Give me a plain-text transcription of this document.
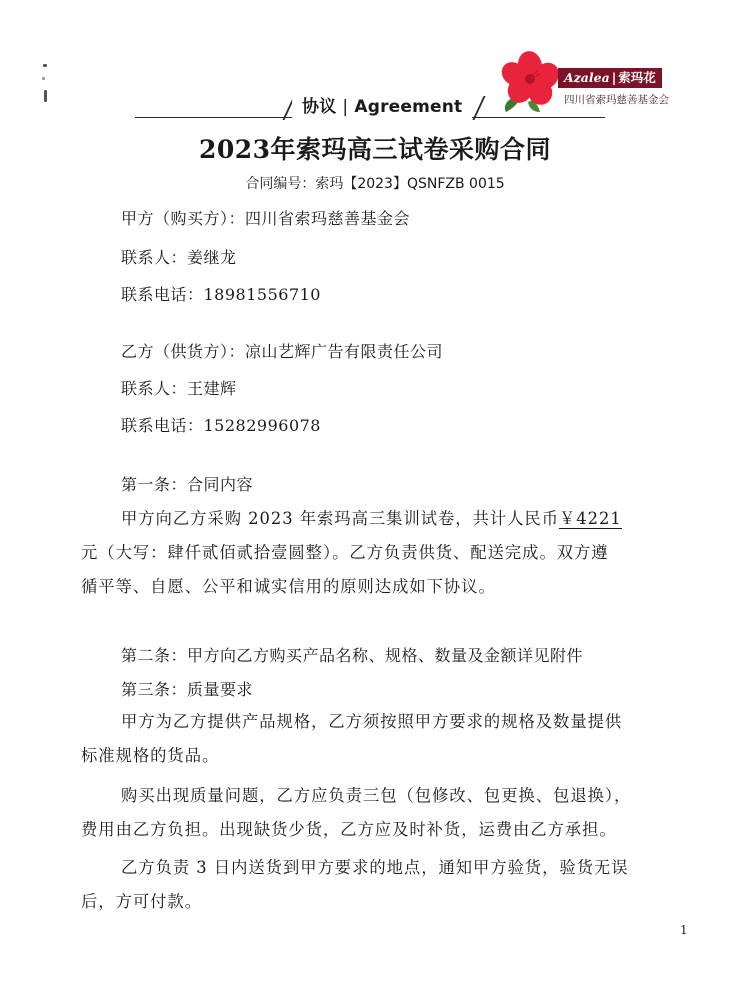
Azalea | 索玛花
四川省索玛慈善基金会
协议 | Agreement
2023年索玛高三试卷采购合同
合同编号：索玛【2023】QSNFZB 0015
甲方（购买方）：四川省索玛慈善基金会
联系人：姜继龙
联系电话：18981556710
乙方（供货方）：凉山艺辉广告有限责任公司
联系人：王建辉
联系电话：15282996078
第一条：合同内容
甲方向乙方采购 2023 年索玛高三集训试卷，共计人民币￥4221
元（大写：肆仟贰佰贰拾壹圆整）。乙方负责供货、配送完成。双方遵
循平等、自愿、公平和诚实信用的原则达成如下协议。
第二条：甲方向乙方购买产品名称、规格、数量及金额详见附件
第三条：质量要求
甲方为乙方提供产品规格，乙方须按照甲方要求的规格及数量提供
标准规格的货品。
购买出现质量问题，乙方应负责三包（包修改、包更换、包退换），
费用由乙方负担。出现缺货少货，乙方应及时补货，运费由乙方承担。
乙方负责 3 日内送货到甲方要求的地点，通知甲方验货，验货无误
后，方可付款。
1
